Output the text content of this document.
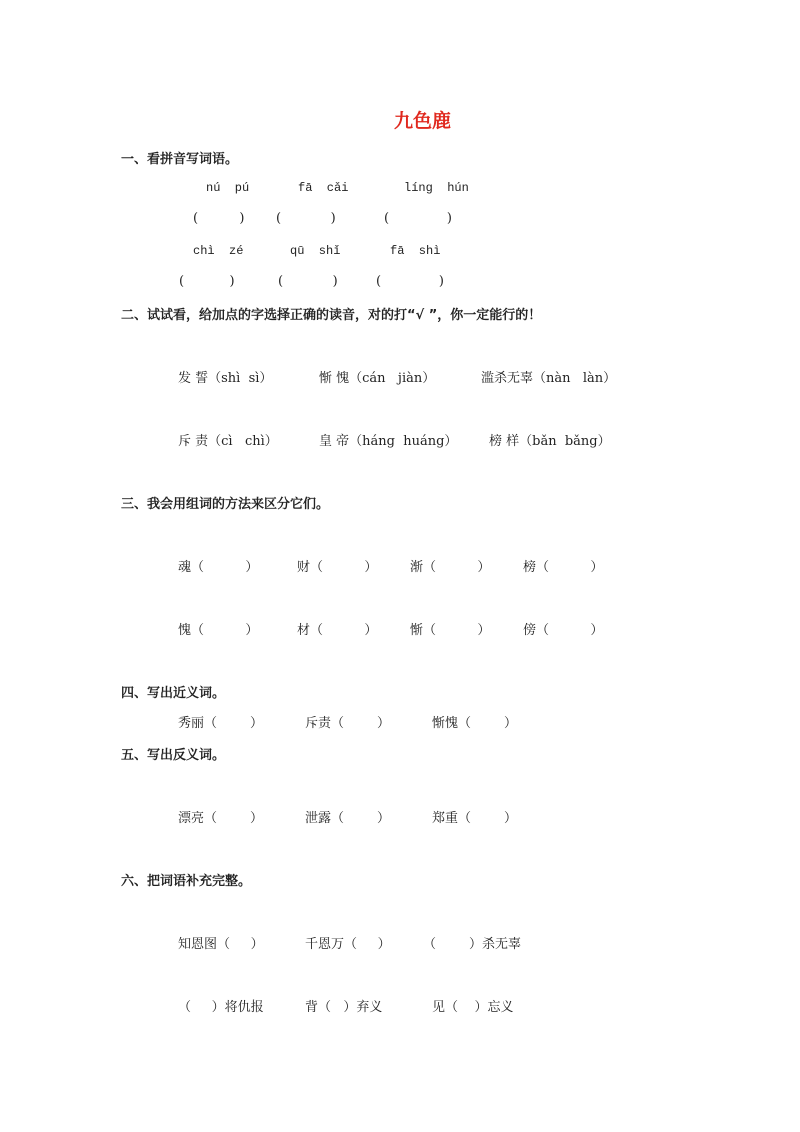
九色鹿
一、看拼音写词语。
nú  pú	fā  cǎi	líng  hún
(          ) (            )	(              )
chì  zé	qū  shǐ	fā  shì
(           )	(            )	(              )
二、试试看，给加点的字选择正确的读音，对的打“√ ”，你一定能行的！
发 誓（shì  sì）	惭 愧（cán   jiàn）	滥杀无辜（nàn   làn）
斥 责（cì   chì）	皇 帝（háng  huáng） 榜 样（bǎn  bǎng）
三、我会用组词的方法来区分它们。
魂（          ）	财（          ）	渐（          ）	榜（          ）
愧（          ）	材（          ）	惭（          ）	傍（          ）
四、写出近义词。
秀丽（        ）	斥责（        ）	惭愧（        ）
五、写出反义词。
漂亮（        ）	泄露（        ）	郑重（        ）
六、把词语补充完整。
知恩图（     ）	千恩万（     ） （        ）杀无辜
（     ）将仇报	背（   ）弃义	见（    ）忘义
